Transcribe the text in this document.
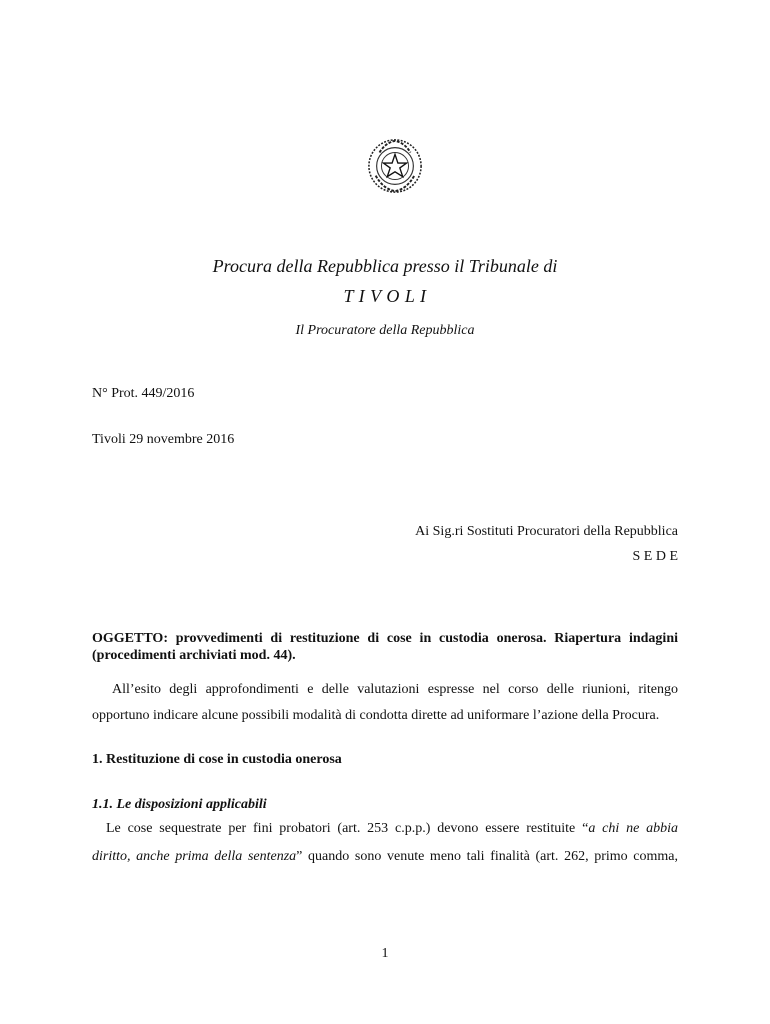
Procura della Repubblica presso il Tribunale di
T I V O L I
Il Procuratore della Repubblica
N° Prot. 449/2016
Tivoli 29 novembre 2016
Ai Sig.ri Sostituti Procuratori della Repubblica
S E D E
OGGETTO: provvedimenti di restituzione di cose in custodia onerosa. Riapertura indagini (procedimenti archiviati mod. 44).
All’esito degli approfondimenti e delle valutazioni espresse nel corso delle riunioni, ritengo
opportuno indicare alcune possibili modalità di condotta dirette ad uniformare l’azione della Procura.
1. Restituzione di cose in custodia onerosa
1.1. Le disposizioni applicabili
Le cose sequestrate per fini probatori (art. 253 c.p.p.) devono essere restituite “a chi ne abbia
diritto, anche prima della sentenza” quando sono venute meno tali finalità (art. 262, primo comma,
1
